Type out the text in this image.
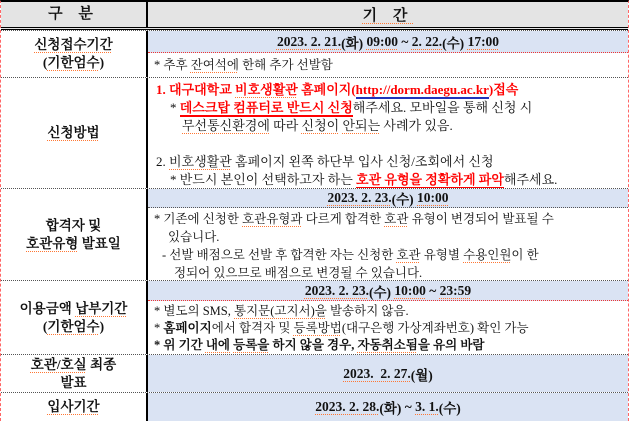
구 분	기 간
신청접수기간
(기한엄수)
2023. 2. 21. (화) 09:00 ~ 2. 22. (수) 17:00
* 추후 잔여석에 한해 추가 선발함
신청방법
1. 대구대학교 비호생활관 홈페이지(http://dorm.daegu.ac.kr)접속
* 데스크탑 컴퓨터로 반드시 신청해주세요. 모바일을 통해 신청 시
무선통신환경에 따라 신청이 안되는 사례가 있음.
2. 비호생활관 홈페이지 왼쪽 하단부 입사 신청/조회에서 신청
* 반드시 본인이 선택하고자 하는 호관 유형을 정확하게 파악해주세요.
합격자 및
호관유형 발표일
2023. 2. 23. (수) 10:00
* 기존에 신청한 호관유형과 다르게 합격한 호관 유형이 변경되어 발표될 수
있습니다.
- 선발 배점으로 선발 후 합격한 자는 신청한 호관 유형별 수용인원이 한
정되어 있으므로 배점으로 변경될 수 있습니다.
이용금액 납부기간
(기한엄수)
2023. 2. 23. (수) 10:00 ~ 23:59
* 별도의 SMS, 통지문(고지서)을 발송하지 않음.
* 홈페이지에서 합격자 및 등록방법(대구은행 가상계좌번호) 확인 가능
* 위 기간 내에 등록을 하지 않을 경우, 자동취소됨을 유의 바람
호관/호실 최종
발표
2023.  2. 27. (월)
입사기간	2023. 2. 28. (화) ~ 3. 1. (수)
